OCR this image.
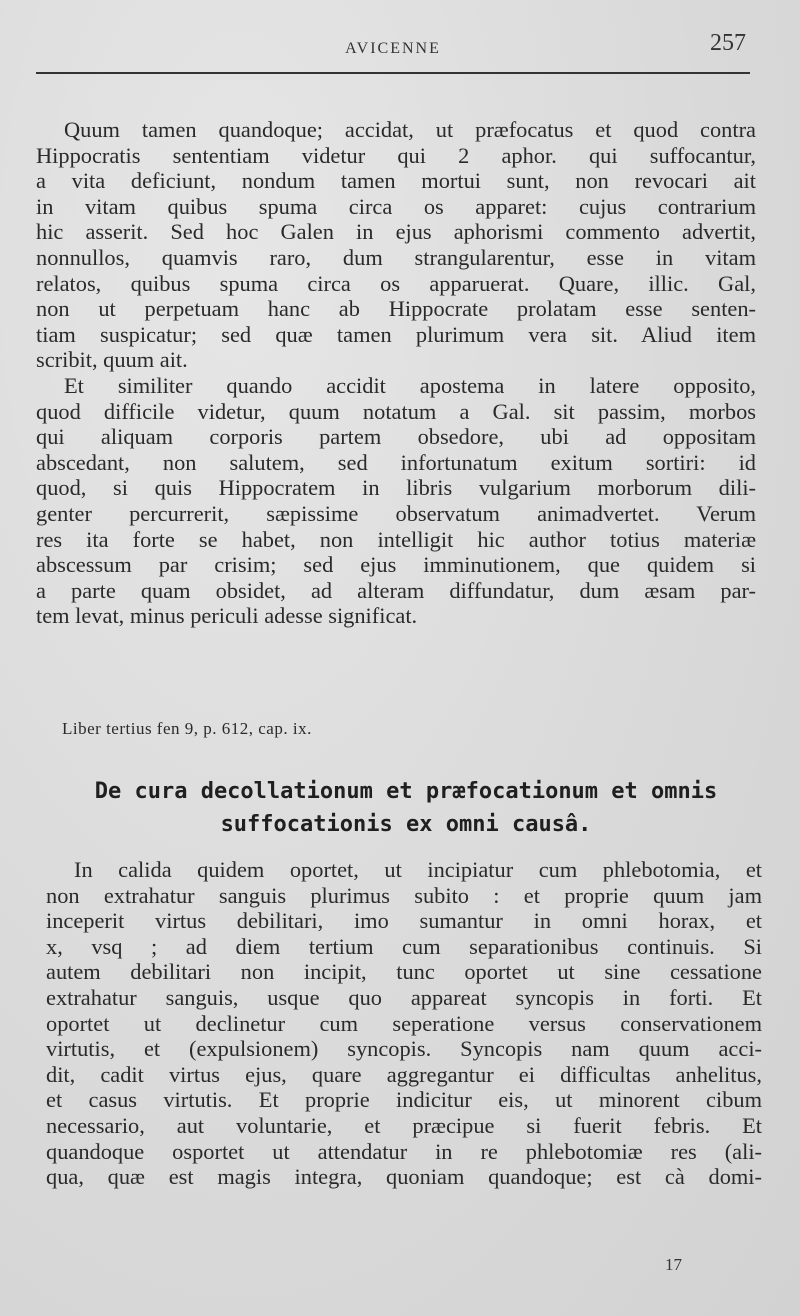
AVICENNE	257

Quum tamen quandoque; accidat, ut præfocatus et quod contra
Hippocratis sententiam videtur qui 2 aphor. qui suffocantur,
a vita deficiunt, nondum tamen mortui sunt, non revocari ait
in vitam quibus spuma circa os apparet: cujus contrarium
hic asserit. Sed hoc Galen in ejus aphorismi commento advertit,
nonnullos, quamvis raro, dum strangularentur, esse in vitam
relatos, quibus spuma circa os apparuerat. Quare, illic. Gal,
non ut perpetuam hanc ab Hippocrate prolatam esse senten-
tiam suspicatur; sed quæ tamen plurimum vera sit. Aliud item
scribit, quum ait.

Et similiter quando accidit apostema in latere opposito,
quod difficile videtur, quum notatum a Gal. sit passim, morbos
qui aliquam corporis partem obsedore, ubi ad oppositam
abscedant, non salutem, sed infortunatum exitum sortiri: id
quod, si quis Hippocratem in libris vulgarium morborum dili-
genter percurrerit, sæpissime observatum animadvertet. Verum
res ita forte se habet, non intelligit hic author totius materiæ
abscessum par crisim; sed ejus imminutionem, que quidem si
a parte quam obsidet, ad alteram diffundatur, dum æsam par-
tem levat, minus periculi adesse significat.

Liber tertius fen 9, p. 612, cap. ix.
De cura decollationum et præfocationum et omnis
suffocationis ex omni causâ.

In calida quidem oportet, ut incipiatur cum phlebotomia, et
non extrahatur sanguis plurimus subito : et proprie quum jam
inceperit virtus debilitari, imo sumantur in omni horax, et
x, vsq ; ad diem tertium cum separationibus continuis. Si
autem debilitari non incipit, tunc oportet ut sine cessatione
extrahatur sanguis, usque quo appareat syncopis in forti. Et
oportet ut declinetur cum seperatione versus conservationem
virtutis, et (expulsionem) syncopis. Syncopis nam quum acci-
dit, cadit virtus ejus, quare aggregantur ei difficultas anhelitus,
et casus virtutis. Et proprie indicitur eis, ut minorent cibum
necessario, aut voluntarie, et præcipue si fuerit febris. Et
quandoque osportet ut attendatur in re phlebotomiæ res (ali-
qua, quæ est magis integra, quoniam quandoque; est cà domi-

17
